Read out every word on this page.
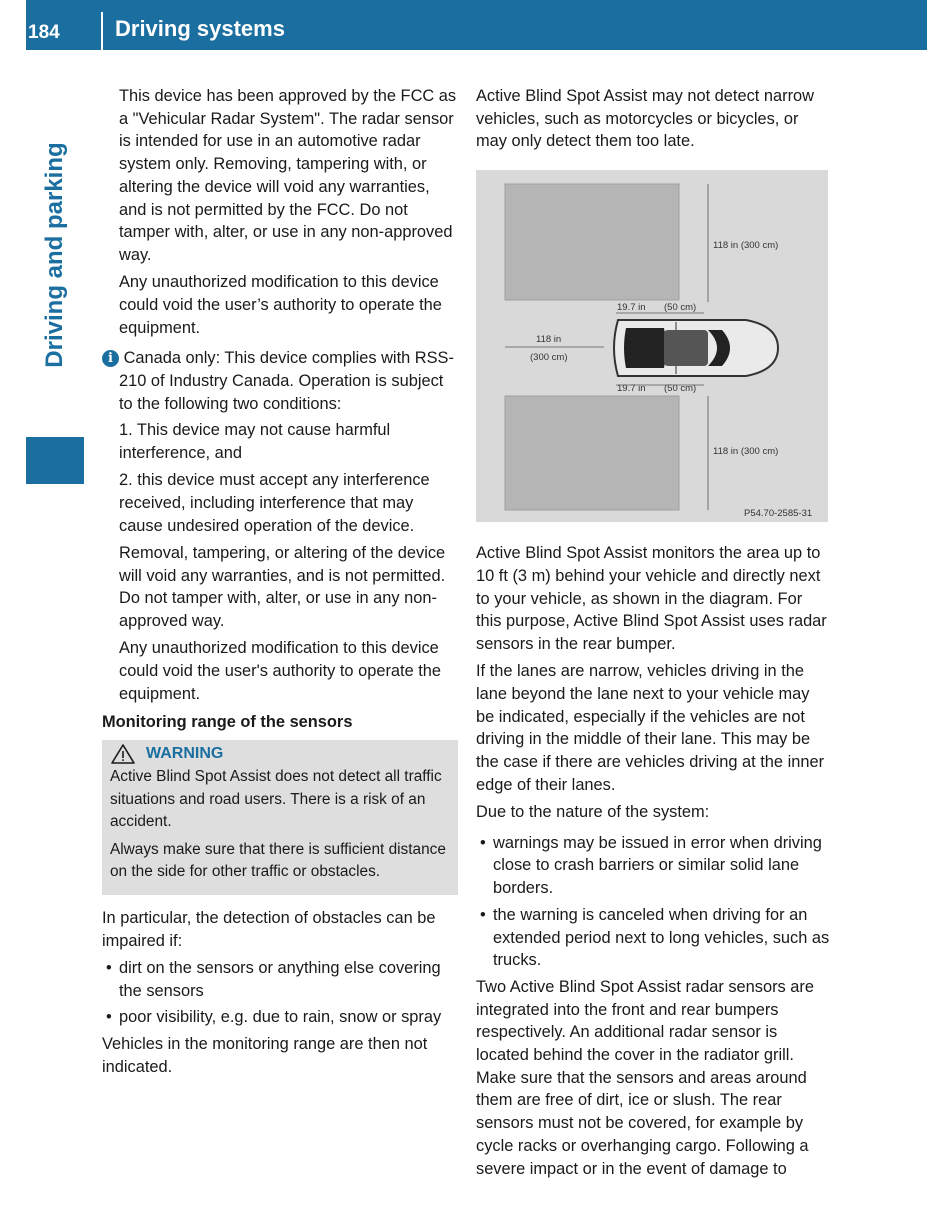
184	Driving systems
Driving and parking

This device has been approved by the FCC as a "Vehicular Radar System". The radar sensor is intended for use in an automotive radar system only. Removing, tampering with, or altering the device will void any warranties, and is not permitted by the FCC. Do not tamper with, alter, or use in any non-approved way.

Any unauthorized modification to this device could void the user’s authority to operate the equipment.

i Canada only: This device complies with RSS-210 of Industry Canada. Operation is subject to the following two conditions:

1. This device may not cause harmful interference, and

2. this device must accept any interference received, including interference that may cause undesired operation of the device.

Removal, tampering, or altering of the device will void any warranties, and is not permitted. Do not tamper with, alter, or use in any non-approved way.

Any unauthorized modification to this device could void the user's authority to operate the equipment.

Monitoring range of the sensors

WARNING

Active Blind Spot Assist does not detect all traffic situations and road users. There is a risk of an accident.

Always make sure that there is sufficient distance on the side for other traffic or obstacles.

In particular, the detection of obstacles can be impaired if:

• dirt on the sensors or anything else covering the sensors
• poor visibility, e.g. due to rain, snow or spray

Vehicles in the monitoring range are then not indicated.

Active Blind Spot Assist may not detect narrow vehicles, such as motorcycles or bicycles, or may only detect them too late.

118 in (300 cm)
118 in (300 cm)
19.7 in (50 cm)
19.7 in (50 cm)
118 in
(300 cm)
P54.70-2585-31

Active Blind Spot Assist monitors the area up to 10 ft (3 m) behind your vehicle and directly next to your vehicle, as shown in the diagram. For this purpose, Active Blind Spot Assist uses radar sensors in the rear bumper.

If the lanes are narrow, vehicles driving in the lane beyond the lane next to your vehicle may be indicated, especially if the vehicles are not driving in the middle of their lane. This may be the case if there are vehicles driving at the inner edge of their lanes.

Due to the nature of the system:

• warnings may be issued in error when driving close to crash barriers or similar solid lane borders.
• the warning is canceled when driving for an extended period next to long vehicles, such as trucks.

Two Active Blind Spot Assist radar sensors are integrated into the front and rear bumpers respectively. An additional radar sensor is located behind the cover in the radiator grill. Make sure that the sensors and areas around them are free of dirt, ice or slush. The rear sensors must not be covered, for example by cycle racks or overhanging cargo. Following a severe impact or in the event of damage to
